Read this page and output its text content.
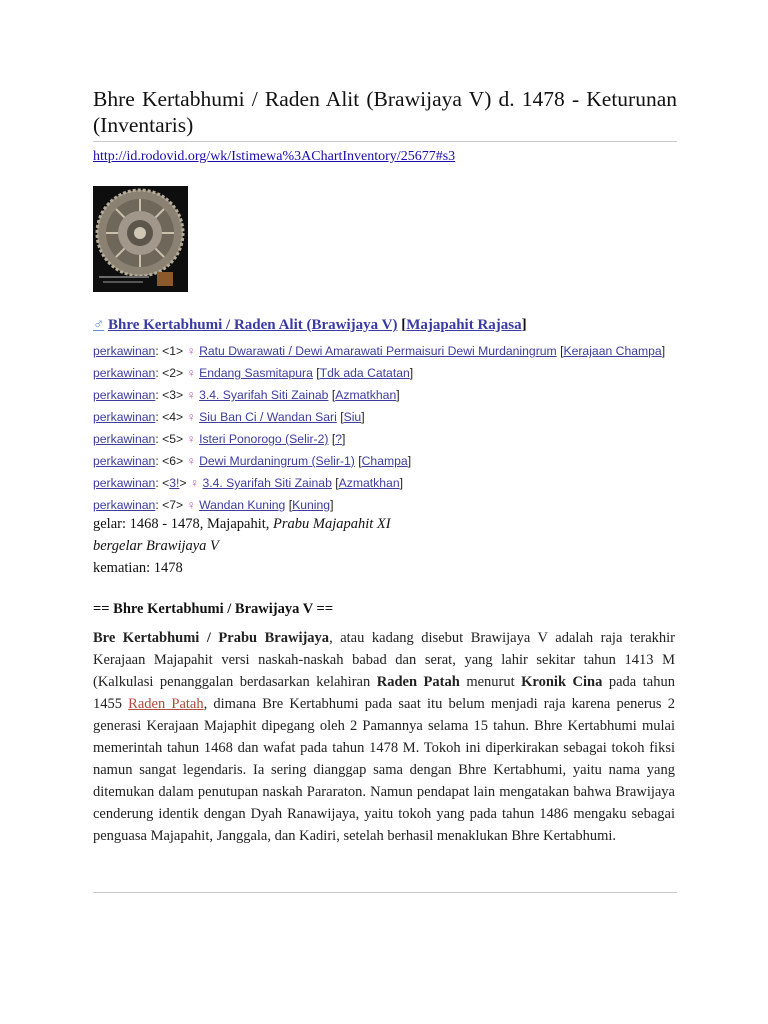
Bhre Kertabhumi / Raden Alit (Brawijaya V) d. 1478 - Keturunan (Inventaris)
http://id.rodovid.org/wk/Istimewa%3AChartInventory/25677#s3
♂ Bhre Kertabhumi / Raden Alit (Brawijaya V) [Majapahit Rajasa]
perkawinan: <1> ♀ Ratu Dwarawati / Dewi Amarawati Permaisuri Dewi Murdaningrum [Kerajaan Champa]
perkawinan: <2> ♀ Endang Sasmitapura [Tdk ada Catatan]
perkawinan: <3> ♀ 3.4. Syarifah Siti Zainab [Azmatkhan]
perkawinan: <4> ♀ Siu Ban Ci / Wandan Sari [Siu]
perkawinan: <5> ♀ Isteri Ponorogo (Selir-2) [?]
perkawinan: <6> ♀ Dewi Murdaningrum (Selir-1) [Champa]
perkawinan: <3!> ♀ 3.4. Syarifah Siti Zainab [Azmatkhan]
perkawinan: <7> ♀ Wandan Kuning [Kuning]
gelar: 1468 - 1478, Majapahit, Prabu Majapahit XI
bergelar Brawijaya V
kematian: 1478
== Bhre Kertabhumi / Brawijaya V ==

Bre Kertabhumi / Prabu Brawijaya, atau kadang disebut Brawijaya V adalah raja terakhir Kerajaan Majapahit versi naskah-naskah babad dan serat, yang lahir sekitar tahun 1413 M (Kalkulasi penanggalan berdasarkan kelahiran Raden Patah menurut Kronik Cina pada tahun 1455 Raden Patah, dimana Bre Kertabhumi pada saat itu belum menjadi raja karena penerus 2 generasi Kerajaan Majaphit dipegang oleh 2 Pamannya selama 15 tahun. Bhre Kertabhumi mulai memerintah tahun 1468 dan wafat pada tahun 1478 M. Tokoh ini diperkirakan sebagai tokoh fiksi namun sangat legendaris. Ia sering dianggap sama dengan Bhre Kertabhumi, yaitu nama yang ditemukan dalam penutupan naskah Pararaton. Namun pendapat lain mengatakan bahwa Brawijaya cenderung identik dengan Dyah Ranawijaya, yaitu tokoh yang pada tahun 1486 mengaku sebagai penguasa Majapahit, Janggala, dan Kadiri, setelah berhasil menaklukan Bhre Kertabhumi.
